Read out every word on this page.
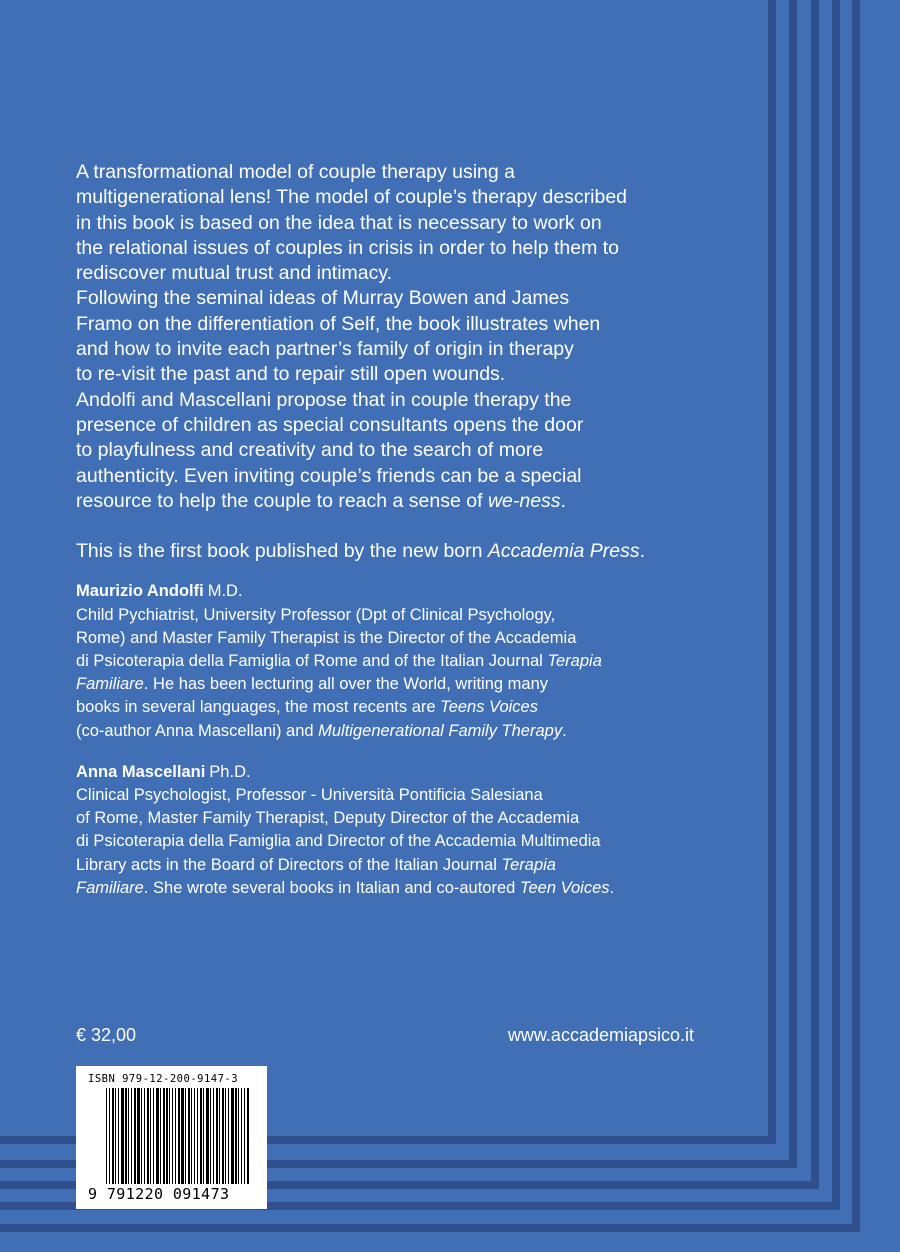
A transformational model of couple therapy using a

multigenerational lens! The model of couple’s therapy described

in this book is based on the idea that is necessary to work on

the relational issues of couples in crisis in order to help them to

rediscover mutual trust and intimacy.

Following the seminal ideas of Murray Bowen and James

Framo on the differentiation of Self, the book illustrates when

and how to invite each partner’s family of origin in therapy

to re-visit the past and to repair still open wounds.

Andolfi and Mascellani propose that in couple therapy the

presence of children as special consultants opens the door

to playfulness and creativity and to the search of more

authenticity. Even inviting couple’s friends can be a special

resource to help the couple to reach a sense of we-ness.

This is the first book published by the new born Accademia Press.

Maurizio Andolfi M.D.
Child Pychiatrist, University Professor (Dpt of Clinical Psychology,
Rome) and Master Family Therapist is the Director of the Accademia
di Psicoterapia della Famiglia of Rome and of the Italian Journal Terapia
Familiare. He has been lecturing all over the World, writing many
books in several languages, the most recents are Teens Voices
(co-author Anna Mascellani) and Multigenerational Family Therapy.
Anna Mascellani Ph.D.
Clinical Psychologist, Professor - Università Pontificia Salesiana
of Rome, Master Family Therapist, Deputy Director of the Accademia
di Psicoterapia della Famiglia and Director of the Accademia Multimedia
Library acts in the Board of Directors of the Italian Journal Terapia
Familiare. She wrote several books in Italian and co-autored Teen Voices.
€ 32,00	www.accademiapsico.it
ISBN 979-12-200-9147-3
9 791220 091473
